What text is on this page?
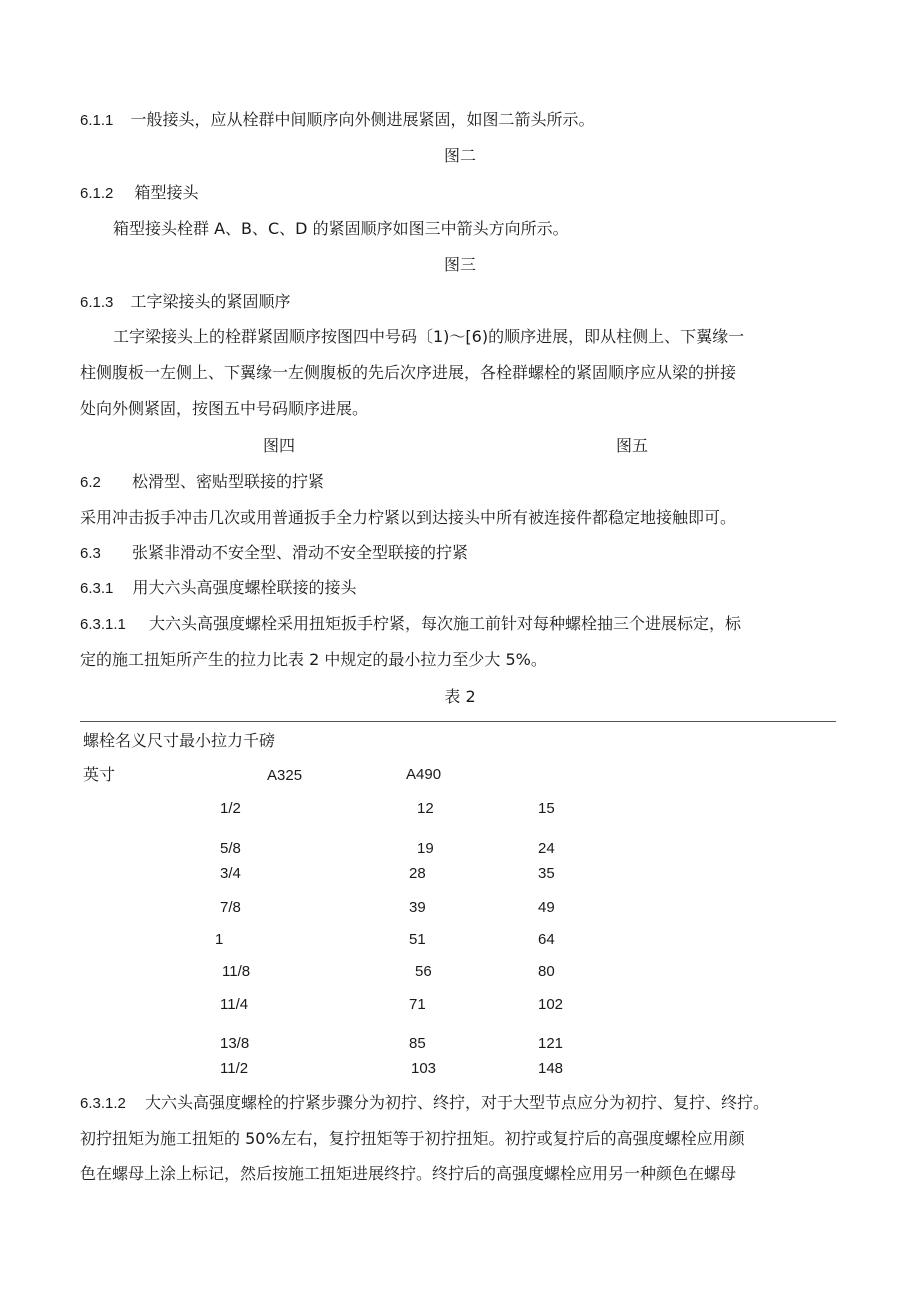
6.1.1 一般接头，应从栓群中间顺序向外侧进展紧固，如图二箭头所示。
图二
6.1.2 箱型接头
箱型接头栓群 A、B、C、D 的紧固顺序如图三中箭头方向所示。
图三
6.1.3 工字梁接头的紧固顺序
工字梁接头上的栓群紧固顺序按图四中号码〔1)～[6)的顺序进展，即从柱侧上、下翼缘一
柱侧腹板一左侧上、下翼缘一左侧腹板的先后次序进展，各栓群螺栓的紧固顺序应从梁的拼接
处向外侧紧固，按图五中号码顺序进展。
图四	图五
6.2 松滑型、密贴型联接的拧紧
采用冲击扳手冲击几次或用普通扳手全力柠紧以到达接头中所有被连接件都稳定地接触即可。
6.3 张紧非滑动不安全型、滑动不安全型联接的拧紧
6.3.1 用大六头高强度螺栓联接的接头
6.3.1.1 大六头高强度螺栓采用扭矩扳手柠紧，每次施工前针对每种螺栓抽三个进展标定，标
定的施工扭矩所产生的拉力比表 2 中规定的最小拉力至少大 5%。
表 2
螺栓名义尺寸最小拉力千磅
英寸	A325	A490
1/2	12	15
5/8	19	24
3/4	28	35
7/8	39	49
1	51	64
11/8	56	80
11/4	71	102
13/8	85	121
11/2	103	148
6.3.1.2 大六头高强度螺栓的拧紧步骤分为初拧、终拧，对于大型节点应分为初拧、复拧、终拧。
初拧扭矩为施工扭矩的 50%左右，复拧扭矩等于初拧扭矩。初拧或复拧后的高强度螺栓应用颜
色在螺母上涂上标记，然后按施工扭矩进展终拧。终拧后的高强度螺栓应用另一种颜色在螺母
